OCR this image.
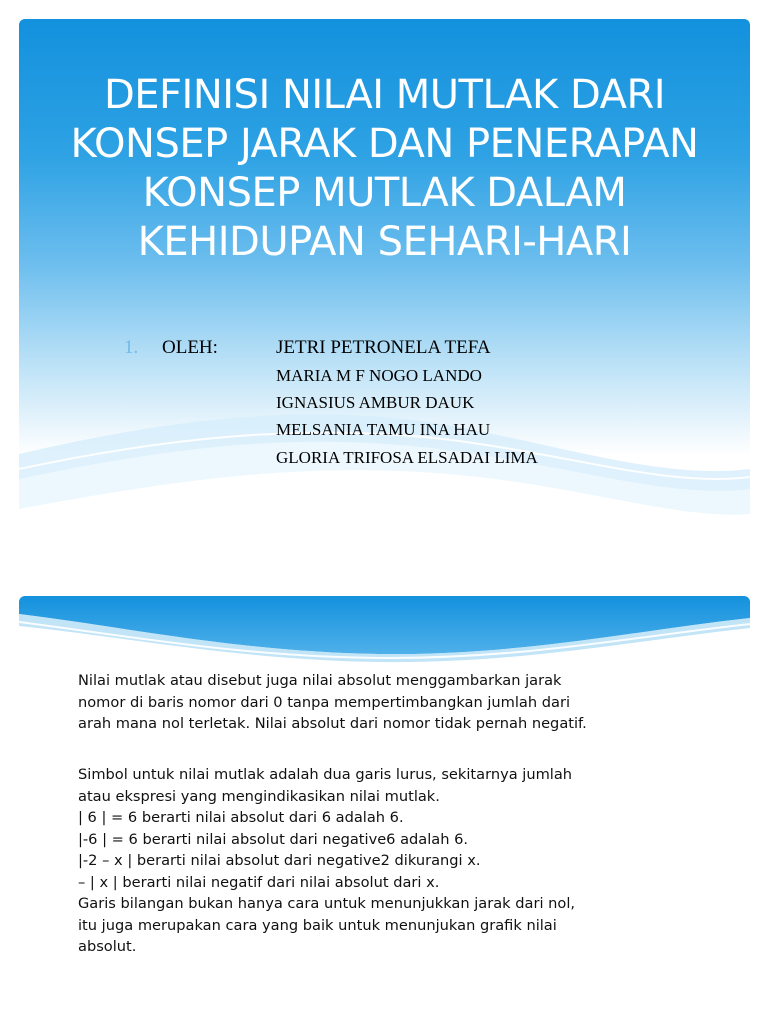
DEFINISI NILAI MUTLAK DARI
KONSEP JARAK DAN PENERAPAN
KONSEP MUTLAK DALAM
KEHIDUPAN SEHARI-HARI
1. OLEH:	JETRI PETRONELA TEFA
MARIA M F NOGO LANDO
IGNASIUS AMBUR DAUK
MELSANIA TAMU INA HAU
GLORIA TRIFOSA ELSADAI LIMA
Nilai mutlak atau disebut juga nilai absolut menggambarkan jarak
nomor di baris nomor dari 0 tanpa mempertimbangkan jumlah dari
arah mana nol terletak. Nilai absolut dari nomor tidak pernah negatif.
Simbol untuk nilai mutlak adalah dua garis lurus, sekitarnya jumlah
atau ekspresi yang mengindikasikan nilai mutlak.
| 6 | = 6 berarti nilai absolut dari 6 adalah 6.
|-6 | = 6 berarti nilai absolut dari negative6 adalah 6.
|-2 – x | berarti nilai absolut dari negative2 dikurangi x.
– | x | berarti nilai negatif dari nilai absolut dari x.
Garis bilangan bukan hanya cara untuk menunjukkan jarak dari nol,
itu juga merupakan cara yang baik untuk menunjukan grafik nilai
absolut.
